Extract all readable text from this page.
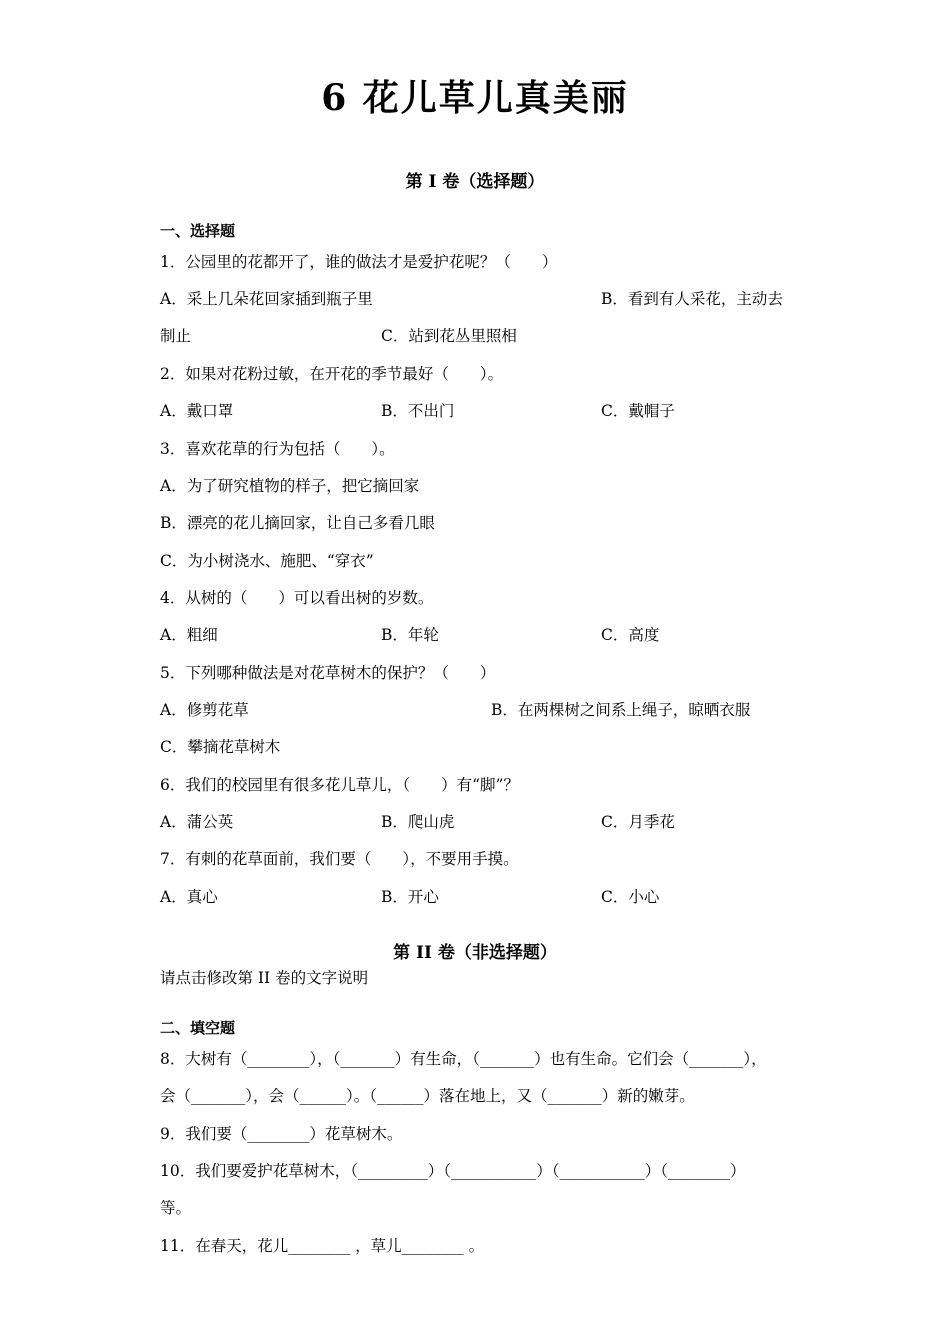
6 花儿草儿真美丽
第 I 卷（选择题）
一、选择题
1．公园里的花都开了，谁的做法才是爱护花呢？（　　）
A．采上几朵花回家插到瓶子里	B．看到有人采花，主动去
制止	C．站到花丛里照相
2．如果对花粉过敏，在开花的季节最好（　　）。
A．戴口罩	B．不出门	C．戴帽子
3．喜欢花草的行为包括（　　）。
A．为了研究植物的样子，把它摘回家
B．漂亮的花儿摘回家，让自己多看几眼
C．为小树浇水、施肥、“穿衣”
4．从树的（　　）可以看出树的岁数。
A．粗细	B．年轮	C．高度
5．下列哪种做法是对花草树木的保护？（　　）
A．修剪花草	B．在两棵树之间系上绳子，晾晒衣服
C．攀摘花草树木
6．我们的校园里有很多花儿草儿，（　　）有“脚”？
A．蒲公英	B．爬山虎	C．月季花
7．有刺的花草面前，我们要（　　），不要用手摸。
A．真心	B．开心	C．小心
第 II 卷（非选择题）
请点击修改第 II 卷的文字说明
二、填空题
8．大树有（________），（_______）有生命，（_______）也有生命。它们会（_______），
会（_______），会（______）。（______）落在地上，又（_______）新的嫩芽。
9．我们要（________）花草树木。
10．我们要爱护花草树木，（_________）（___________）（___________）（________）
等。
11．在春天，花儿________ ，草儿________ 。
